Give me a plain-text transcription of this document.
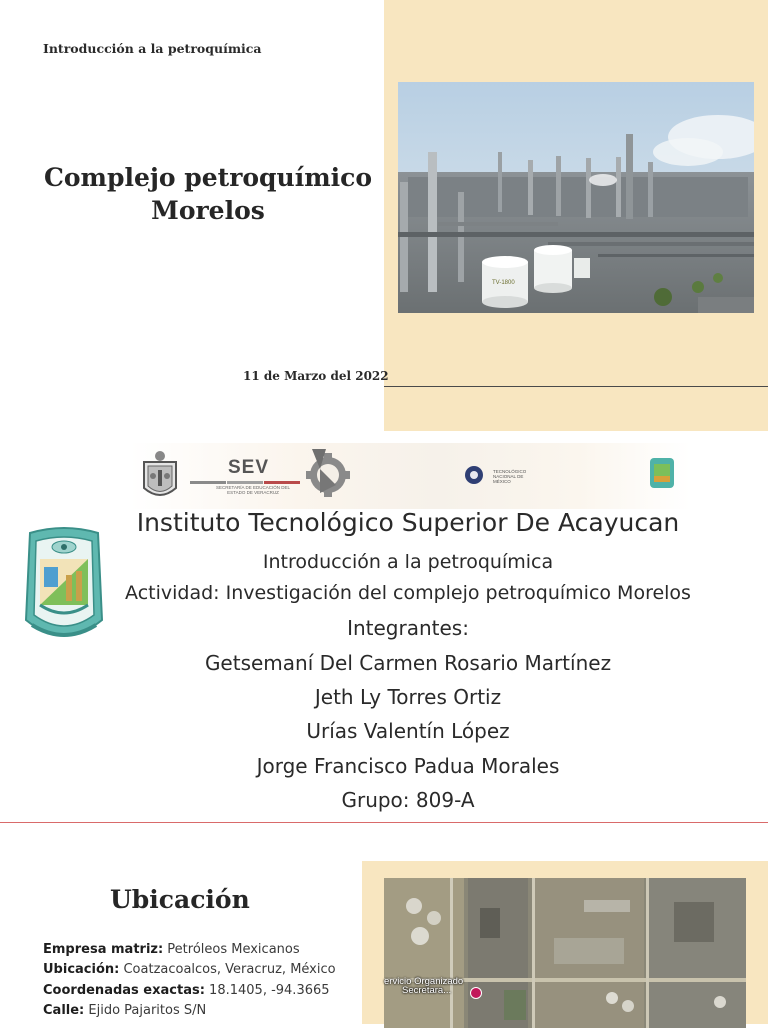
Introducción a la petroquímica
Complejo petroquímico
Morelos
11 de Marzo del 2022
TV-1800
SEV
SECRETARÍA DE EDUCACIÓN DEL ESTADO DE VERACRUZ
TECNOLÓGICO NACIONAL DE MÉXICO
Instituto Tecnológico Superior De Acayucan
Introducción a la petroquímica
Actividad: Investigación del complejo petroquímico Morelos
Integrantes:
Getsemaní Del Carmen Rosario Martínez
Jeth Ly Torres Ortiz
Urías Valentín López
Jorge Francisco Padua Morales
Grupo: 809-A
Ubicación
Empresa matriz: Petróleos Mexicanos
Ubicación: Coatzacoalcos, Veracruz, México
Coordenadas exactas: 18.1405, -94.3665
Calle: Ejido Pajaritos S/N
ervicio Organizado
Secretara...
